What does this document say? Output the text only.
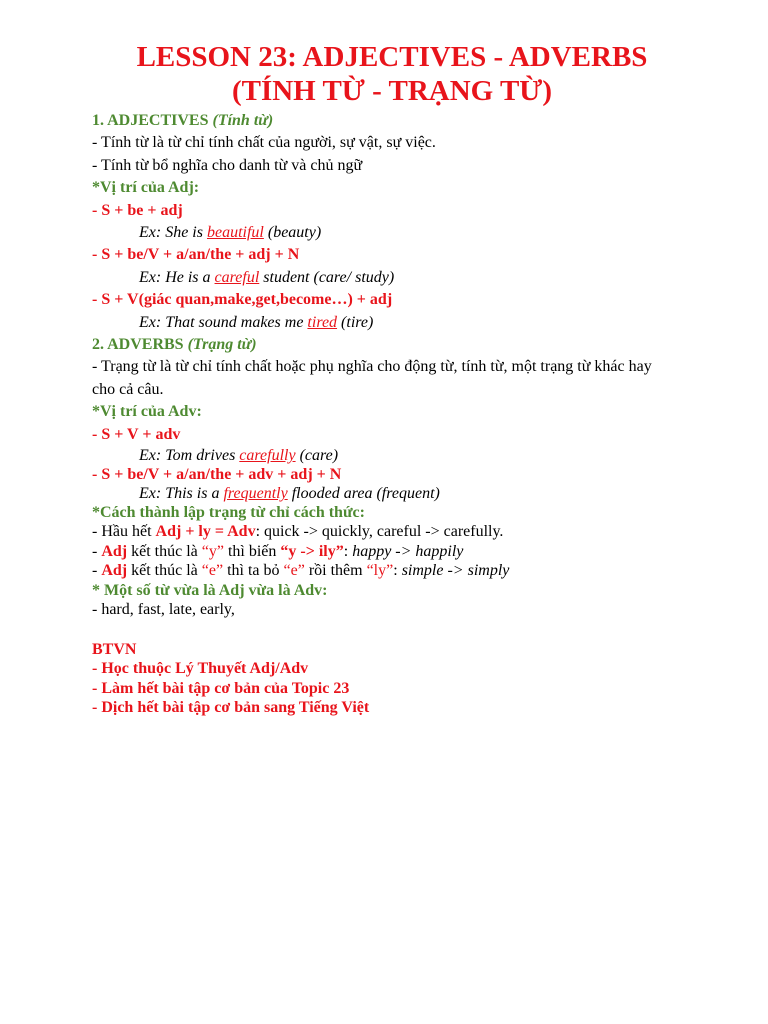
LESSON 23: ADJECTIVES - ADVERBS
(TÍNH TỪ - TRẠNG TỪ)
1. ADJECTIVES (Tính từ)
- Tính từ là từ chỉ tính chất của người, sự vật, sự việc.
- Tính từ bổ nghĩa cho danh từ và chủ ngữ
*Vị trí của Adj:
- S + be + adj
Ex: She is beautiful (beauty)
- S + be/V + a/an/the + adj + N
Ex: He is a careful student (care/ study)
- S + V(giác quan,make,get,become…) + adj
Ex: That sound makes me tired (tire)
2. ADVERBS (Trạng từ)
- Trạng từ là từ chỉ tính chất hoặc phụ nghĩa cho động từ, tính từ, một trạng từ khác hay cho cả câu.
*Vị trí của Adv:
- S + V + adv
Ex: Tom drives carefully (care)
- S + be/V + a/an/the + adv + adj + N
Ex: This is a frequently flooded area (frequent)
*Cách thành lập trạng từ chỉ cách thức:
- Hầu hết Adj + ly = Adv: quick -> quickly, careful -> carefully.
- Adj kết thúc là “y” thì biến “y -> ily”: happy -> happily
- Adj kết thúc là “e” thì ta bỏ “e” rồi thêm “ly”: simple -> simply
* Một số từ vừa là Adj vừa là Adv:
- hard, fast, late, early,
BTVN
- Học thuộc Lý Thuyết Adj/Adv
- Làm hết bài tập cơ bản của Topic 23
- Dịch hết bài tập cơ bản sang Tiếng Việt
